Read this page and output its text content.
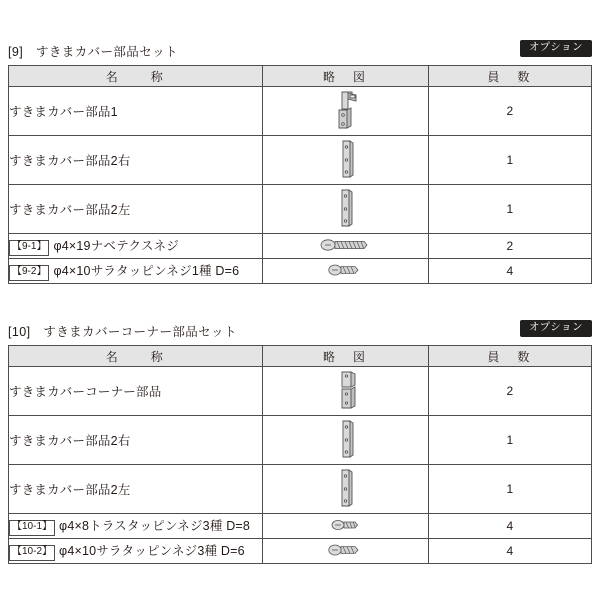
[9]　すきまカバー部品セット	オプション
名　　称	略　図	員　数
すきまカバー部品1		2
すきまカバー部品2右		1
すきまカバー部品2左		1
【9-1】 φ4×19ナベテクスネジ		2
【9-2】 φ4×10サラタッピンネジ1種 D=6		4
[10]　すきまカバーコーナー部品セット	オプション
名　　称	略　図	員　数
すきまカバーコーナー部品		2
すきまカバー部品2右		1
すきまカバー部品2左		1
【10-1】 φ4×8トラスタッピンネジ3種 D=8		4
【10-2】 φ4×10サラタッピンネジ3種 D=6		4
